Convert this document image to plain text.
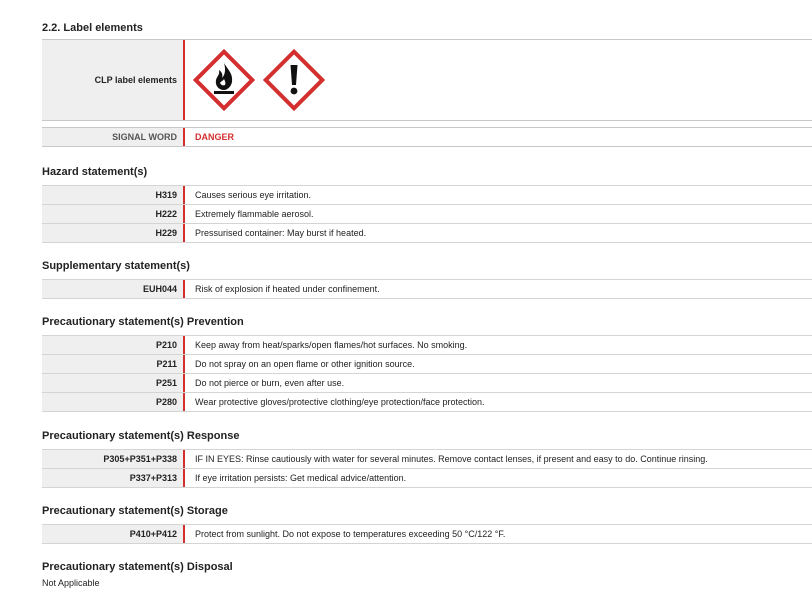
2.2. Label elements
CLP label elements
SIGNAL WORD	DANGER
Hazard statement(s)
H319	Causes serious eye irritation.
H222	Extremely flammable aerosol.
H229	Pressurised container: May burst if heated.
Supplementary statement(s)
EUH044	Risk of explosion if heated under confinement.
Precautionary statement(s) Prevention
P210	Keep away from heat/sparks/open flames/hot surfaces. No smoking.
P211	Do not spray on an open flame or other ignition source.
P251	Do not pierce or burn, even after use.
P280	Wear protective gloves/protective clothing/eye protection/face protection.
Precautionary statement(s) Response
P305+P351+P338	IF IN EYES: Rinse cautiously with water for several minutes. Remove contact lenses, if present and easy to do. Continue rinsing.
P337+P313	If eye irritation persists: Get medical advice/attention.
Precautionary statement(s) Storage
P410+P412	Protect from sunlight. Do not expose to temperatures exceeding 50 °C/122 °F.
Precautionary statement(s) Disposal
Not Applicable
